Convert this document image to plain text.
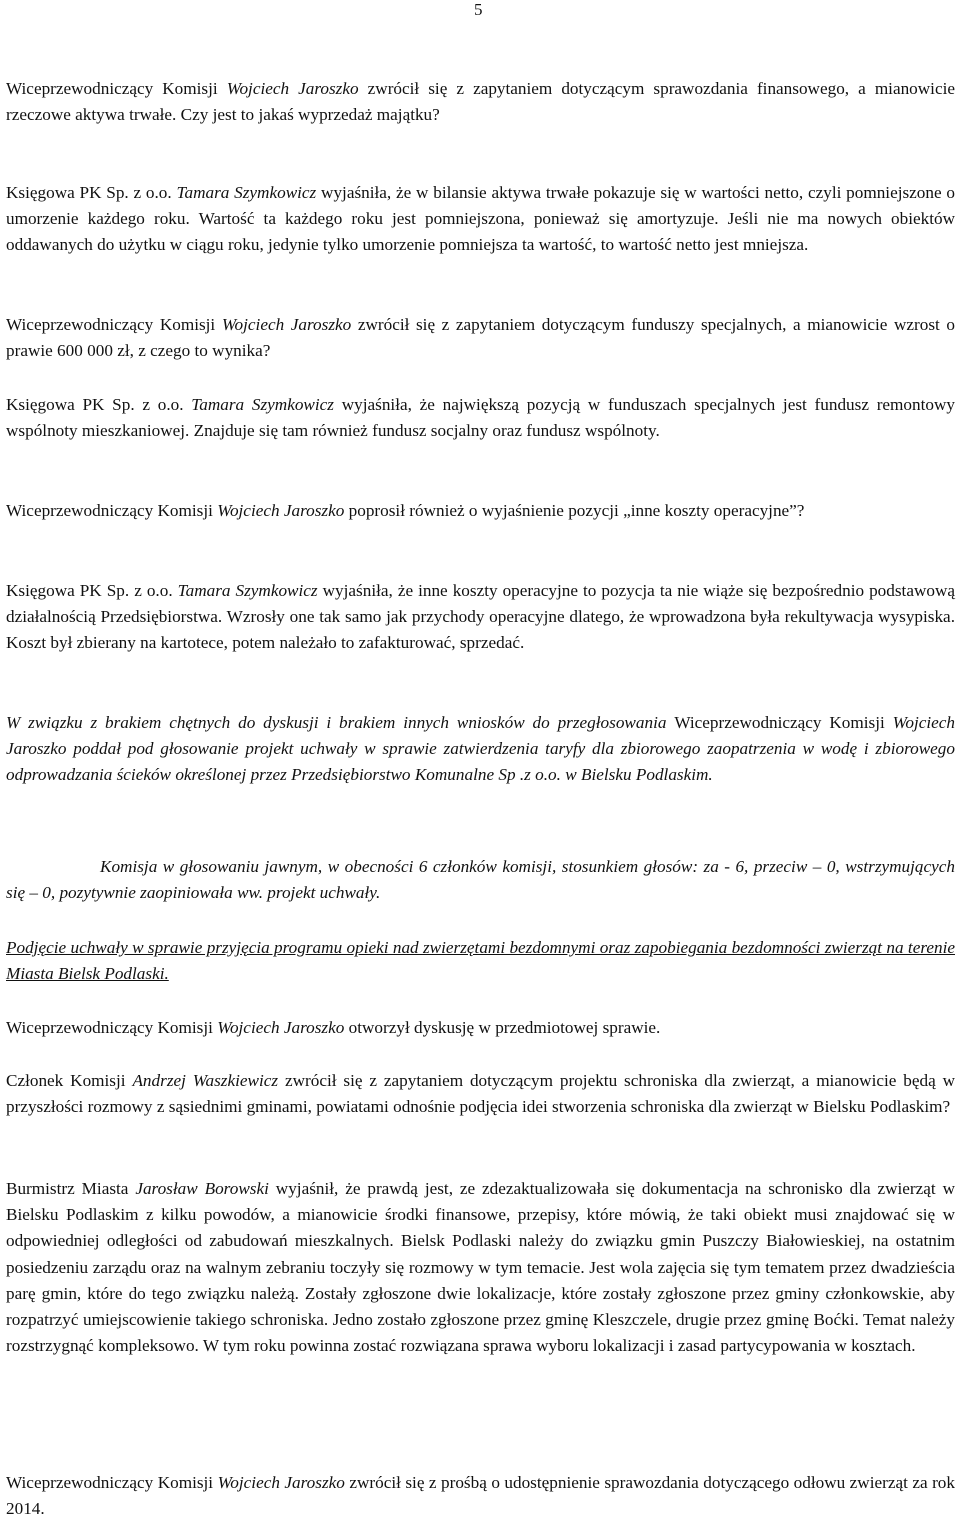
5

Wiceprzewodniczący Komisji Wojciech Jaroszko zwrócił się z zapytaniem dotyczącym sprawozdania finansowego, a mianowicie rzeczowe aktywa trwałe. Czy jest to jakaś wyprzedaż majątku?

Księgowa PK Sp. z o.o. Tamara Szymkowicz wyjaśniła, że w bilansie aktywa trwałe pokazuje się w wartości netto, czyli pomniejszone o umorzenie każdego roku. Wartość ta każdego roku jest pomniejszona, ponieważ się amortyzuje. Jeśli nie ma nowych obiektów oddawanych do użytku w ciągu roku, jedynie tylko umorzenie pomniejsza ta wartość, to wartość netto jest mniejsza.

Wiceprzewodniczący Komisji Wojciech Jaroszko zwrócił się z zapytaniem dotyczącym funduszy specjalnych, a mianowicie wzrost o prawie 600 000 zł, z czego to wynika?

Księgowa PK Sp. z o.o. Tamara Szymkowicz wyjaśniła, że największą pozycją w funduszach specjalnych jest fundusz remontowy wspólnoty mieszkaniowej. Znajduje się tam również fundusz socjalny oraz fundusz wspólnoty.

Wiceprzewodniczący Komisji Wojciech Jaroszko poprosił również o wyjaśnienie pozycji „inne koszty operacyjne”?

Księgowa PK Sp. z o.o. Tamara Szymkowicz wyjaśniła, że inne koszty operacyjne to pozycja ta nie wiąże się bezpośrednio podstawową działalnością Przedsiębiorstwa. Wzrosły one tak samo jak przychody operacyjne dlatego, że wprowadzona była rekultywacja wysypiska. Koszt był zbierany na kartotece, potem należało to zafakturować, sprzedać.

W związku z brakiem chętnych do dyskusji i brakiem innych wniosków do przegłosowania Wiceprzewodniczący Komisji Wojciech Jaroszko poddał pod głosowanie projekt uchwały w sprawie zatwierdzenia taryfy dla zbiorowego zaopatrzenia w wodę i zbiorowego odprowadzania ścieków określonej przez Przedsiębiorstwo Komunalne Sp .z o.o. w Bielsku Podlaskim.

Komisja w głosowaniu jawnym, w obecności 6 członków komisji, stosunkiem głosów: za - 6, przeciw – 0, wstrzymujących się – 0, pozytywnie zaopiniowała ww. projekt uchwały.

Podjęcie uchwały w sprawie przyjęcia programu opieki nad zwierzętami bezdomnymi oraz zapobiegania bezdomności zwierząt na terenie Miasta Bielsk Podlaski.

Wiceprzewodniczący Komisji Wojciech Jaroszko otworzył dyskusję w przedmiotowej sprawie.

Członek Komisji Andrzej Waszkiewicz zwrócił się z zapytaniem dotyczącym projektu schroniska dla zwierząt, a mianowicie będą w przyszłości rozmowy z sąsiednimi gminami, powiatami odnośnie podjęcia idei stworzenia schroniska dla zwierząt w Bielsku Podlaskim?

Burmistrz Miasta Jarosław Borowski wyjaśnił, że prawdą jest, ze zdezaktualizowała się dokumentacja na schronisko dla zwierząt w Bielsku Podlaskim z kilku powodów, a mianowicie środki finansowe, przepisy, które mówią, że taki obiekt musi znajdować się w odpowiedniej odległości od zabudowań mieszkalnych. Bielsk Podlaski należy do związku gmin Puszczy Białowieskiej, na ostatnim posiedzeniu zarządu oraz na walnym zebraniu toczyły się rozmowy w tym temacie. Jest wola zajęcia się tym tematem przez dwadzieścia parę gmin, które do tego związku należą. Zostały zgłoszone dwie lokalizacje, które zostały zgłoszone przez gminy członkowskie, aby rozpatrzyć umiejscowienie takiego schroniska. Jedno zostało zgłoszone przez gminę Kleszczele, drugie przez gminę Boćki. Temat należy rozstrzygnąć kompleksowo. W tym roku powinna zostać rozwiązana sprawa wyboru lokalizacji i zasad partycypowania w kosztach.

Wiceprzewodniczący Komisji Wojciech Jaroszko zwrócił się z prośbą o udostępnienie sprawozdania dotyczącego odłowu zwierząt za rok 2014.
